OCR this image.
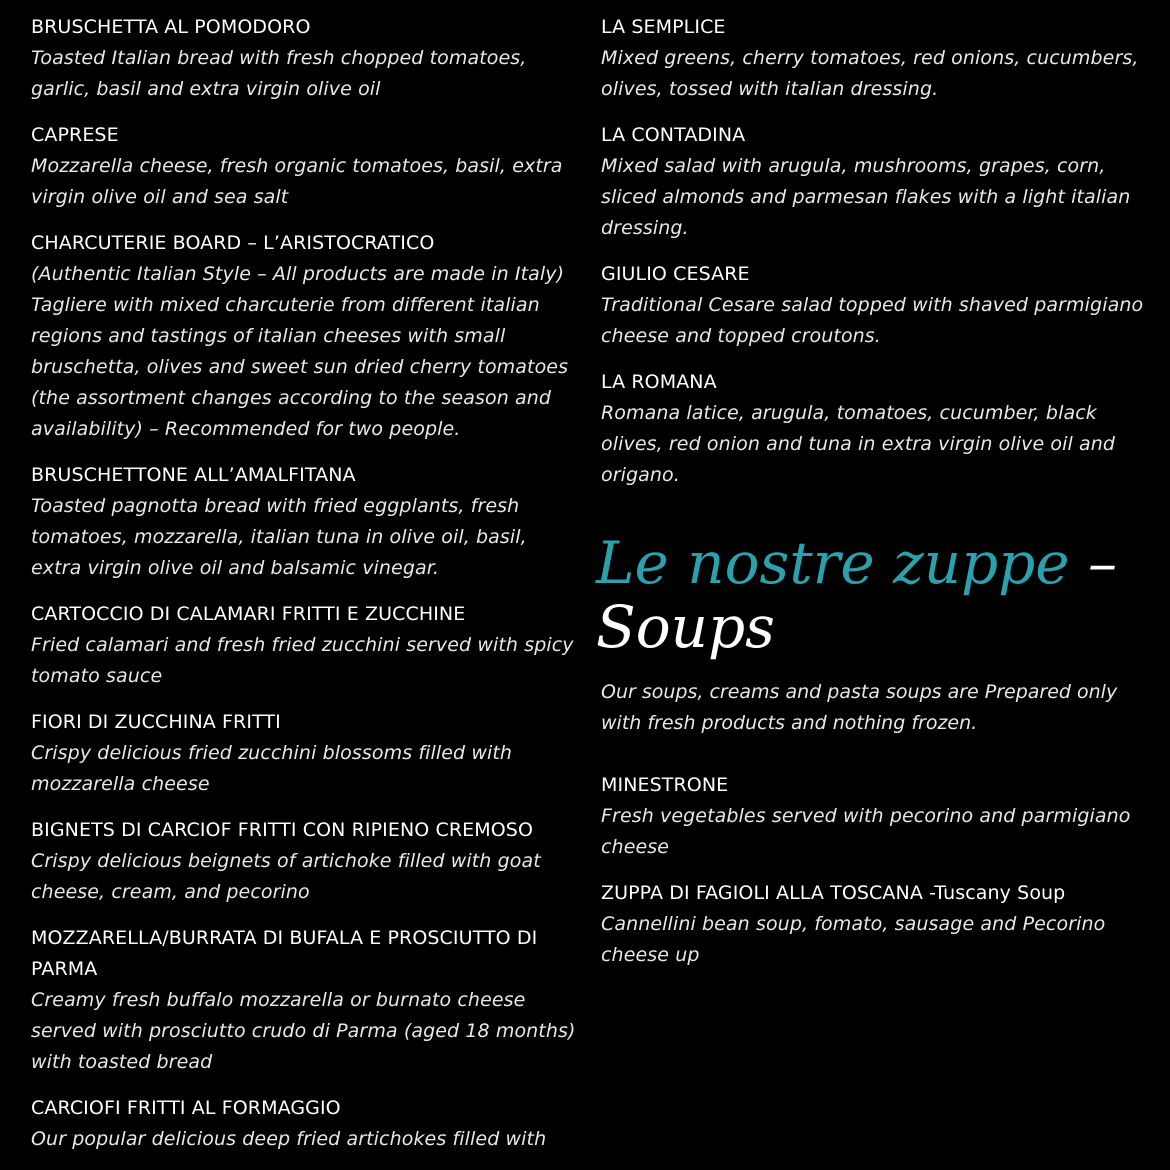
BRUSCHETTA AL POMODORO
Toasted Italian bread with fresh chopped tomatoes, garlic, basil and extra virgin olive oil
CAPRESE
Mozzarella cheese, fresh organic tomatoes, basil, extra virgin olive oil and sea salt
CHARCUTERIE BOARD – L’ARISTOCRATICO
(Authentic Italian Style – All products are made in Italy) Tagliere with mixed charcuterie from different italian regions and tastings of italian cheeses with small bruschetta, olives and sweet sun dried cherry tomatoes (the assortment changes according to the season and availability) – Recommended for two people.
BRUSCHETTONE ALL’AMALFITANA
Toasted pagnotta bread with fried eggplants, fresh tomatoes, mozzarella, italian tuna in olive oil, basil, extra virgin olive oil and balsamic vinegar.
CARTOCCIO DI CALAMARI FRITTI E ZUCCHINE
Fried calamari and fresh fried zucchini served with spicy tomato sauce
FIORI DI ZUCCHINA FRITTI
Crispy delicious fried zucchini blossoms filled with mozzarella cheese
BIGNETS DI CARCIOF FRITTI CON RIPIENO CREMOSO
Crispy delicious beignets of artichoke filled with goat cheese, cream, and pecorino
MOZZARELLA/BURRATA DI BUFALA E PROSCIUTTO DI PARMA
Creamy fresh buffalo mozzarella or burnato cheese served with prosciutto crudo di Parma (aged 18 months) with toasted bread
CARCIOFI FRITTI AL FORMAGGIO
Our popular delicious deep fried artichokes filled with
LA SEMPLICE
Mixed greens, cherry tomatoes, red onions, cucumbers, olives, tossed with italian dressing.
LA CONTADINA
Mixed salad with arugula, mushrooms, grapes, corn, sliced almonds and parmesan flakes with a light italian dressing.
GIULIO CESARE
Traditional Cesare salad topped with shaved parmigiano cheese and topped croutons.
LA ROMANA
Romana latice, arugula, tomatoes, cucumber, black olives, red onion and tuna in extra virgin olive oil and origano.
Le nostre zuppe – Soups
Our soups, creams and pasta soups are Prepared only with fresh products and nothing frozen.
MINESTRONE
Fresh vegetables served with pecorino and parmigiano cheese
ZUPPA DI FAGIOLI ALLA TOSCANA -Tuscany Soup
Cannellini bean soup, fomato, sausage and Pecorino cheese up
